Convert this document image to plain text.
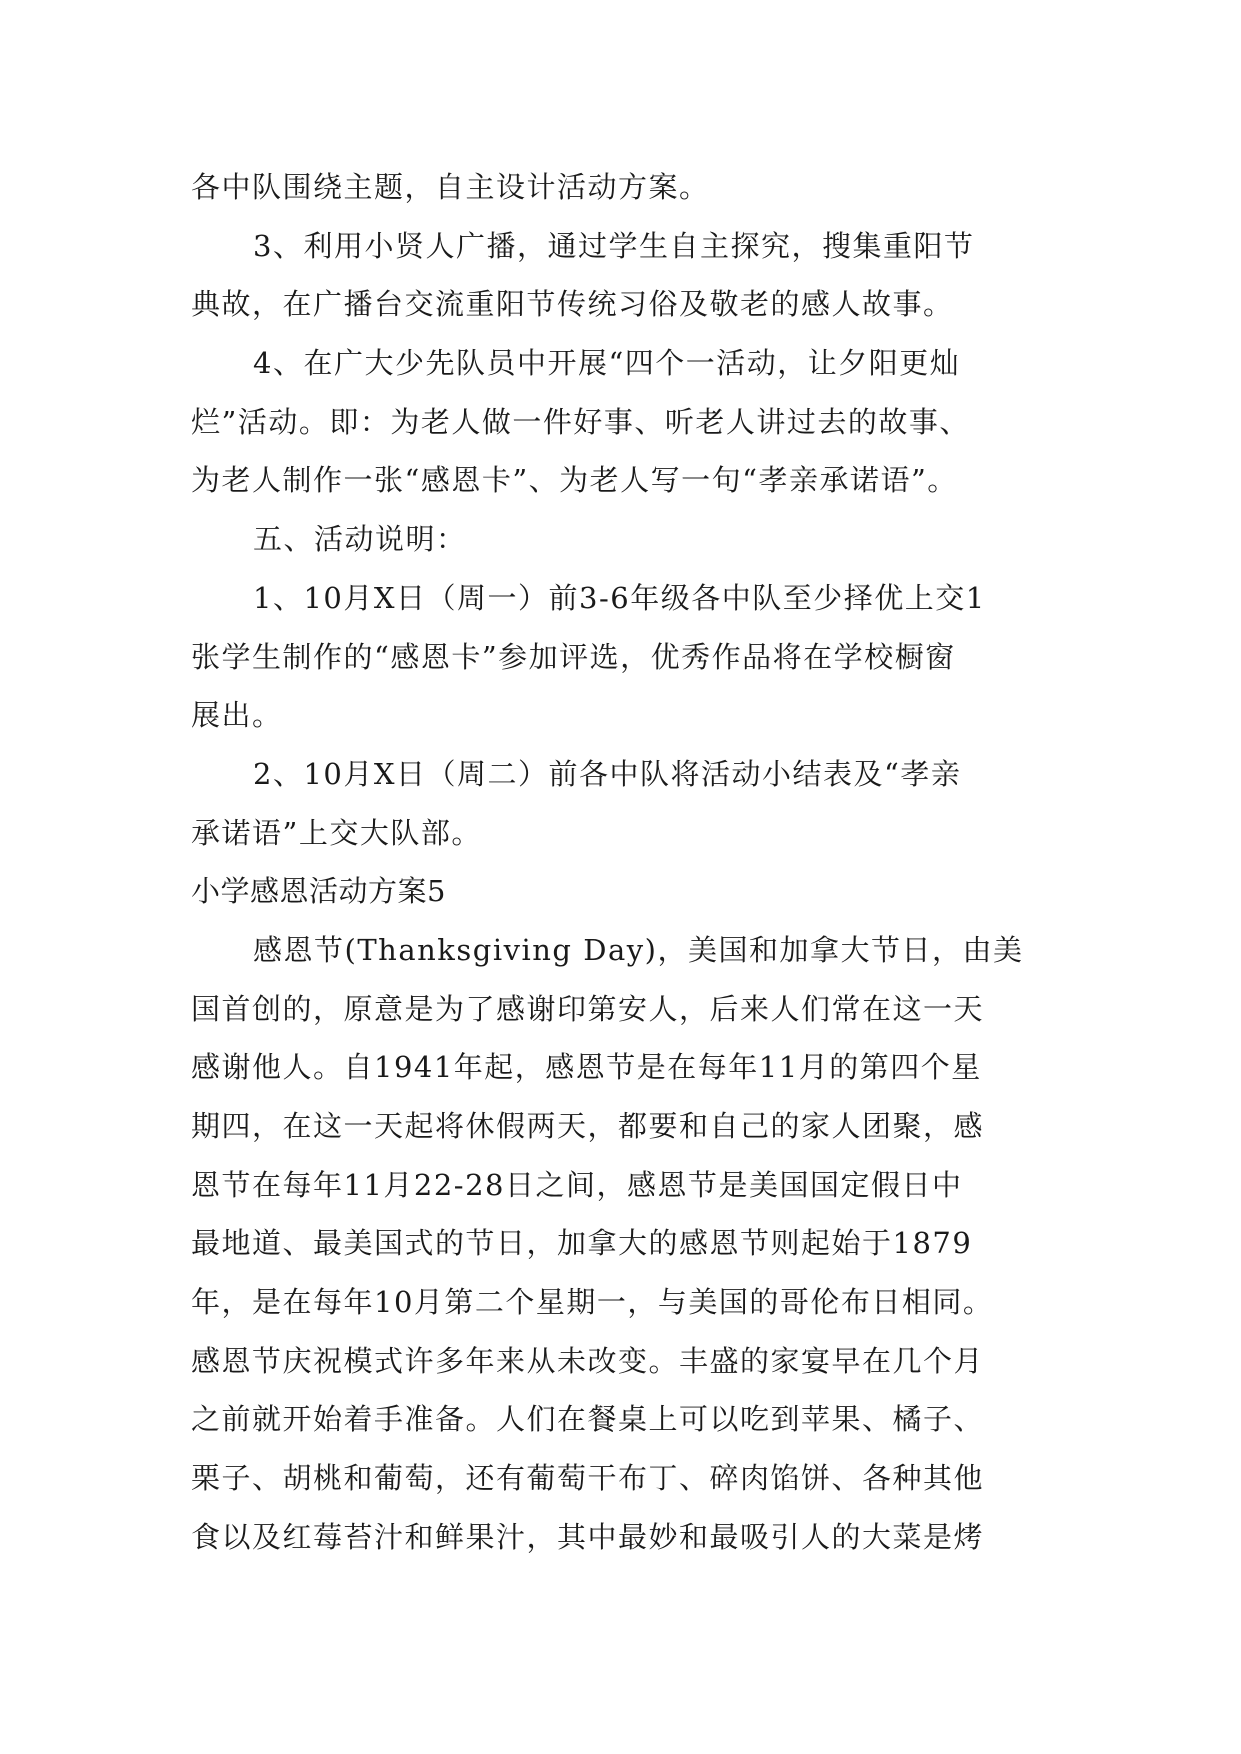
各中队围绕主题，自主设计活动方案。
3、利用小贤人广播，通过学生自主探究，搜集重阳节
典故，在广播台交流重阳节传统习俗及敬老的感人故事。
4、在广大少先队员中开展“四个一活动，让夕阳更灿
烂”活动。即：为老人做一件好事、听老人讲过去的故事、
为老人制作一张“感恩卡”、为老人写一句“孝亲承诺语”。
五、活动说明：
1、10月X日（周一）前3-6年级各中队至少择优上交1
张学生制作的“感恩卡”参加评选，优秀作品将在学校橱窗
展出。
2、10月X日（周二）前各中队将活动小结表及“孝亲
承诺语”上交大队部。
小学感恩活动方案5
感恩节(Thanksgiving Day)，美国和加拿大节日，由美
国首创的，原意是为了感谢印第安人，后来人们常在这一天
感谢他人。自1941年起，感恩节是在每年11月的第四个星
期四，在这一天起将休假两天，都要和自己的家人团聚，感
恩节在每年11月22-28日之间，感恩节是美国国定假日中
最地道、最美国式的节日，加拿大的感恩节则起始于1879
年，是在每年10月第二个星期一，与美国的哥伦布日相同。
感恩节庆祝模式许多年来从未改变。丰盛的家宴早在几个月
之前就开始着手准备。人们在餐桌上可以吃到苹果、橘子、
栗子、胡桃和葡萄，还有葡萄干布丁、碎肉馅饼、各种其他
食以及红莓苔汁和鲜果汁，其中最妙和最吸引人的大菜是烤
